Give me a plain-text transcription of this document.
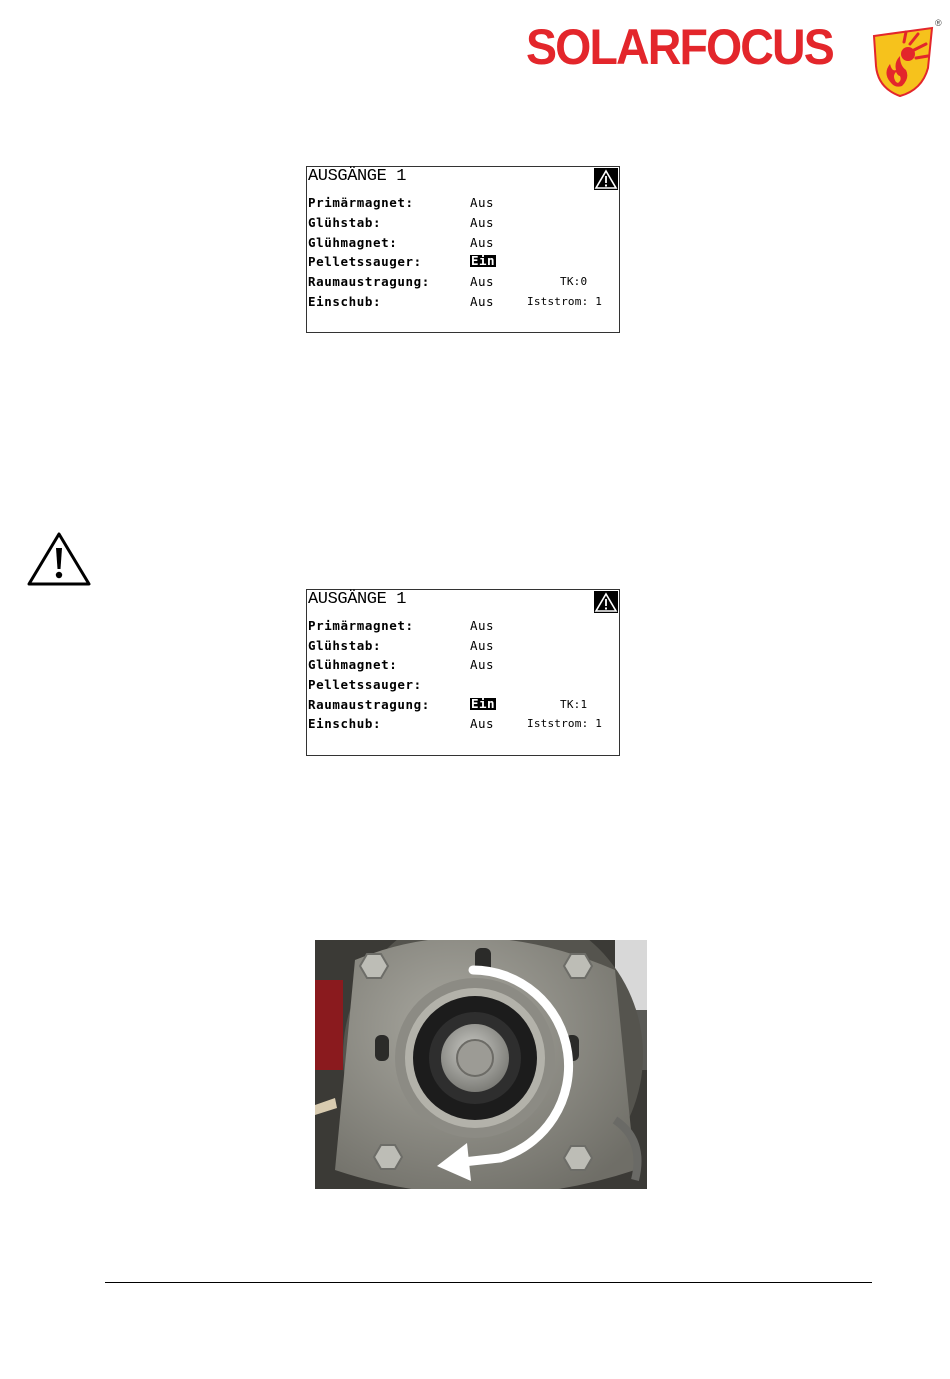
SOLARFOCUS	®
AUSGÄNGE 1
Primärmagnet:	Aus
Glühstab:	Aus
Glühmagnet:	Aus
Pelletssauger:	Ein
Raumaustragung:	Aus	TK:0
Einschub:	Aus	Iststrom: 1
AUSGÄNGE 1
Primärmagnet:	Aus
Glühstab:	Aus
Glühmagnet:	Aus
Pelletssauger:
Raumaustragung:	Ein	TK:1
Einschub:	Aus	Iststrom: 1
